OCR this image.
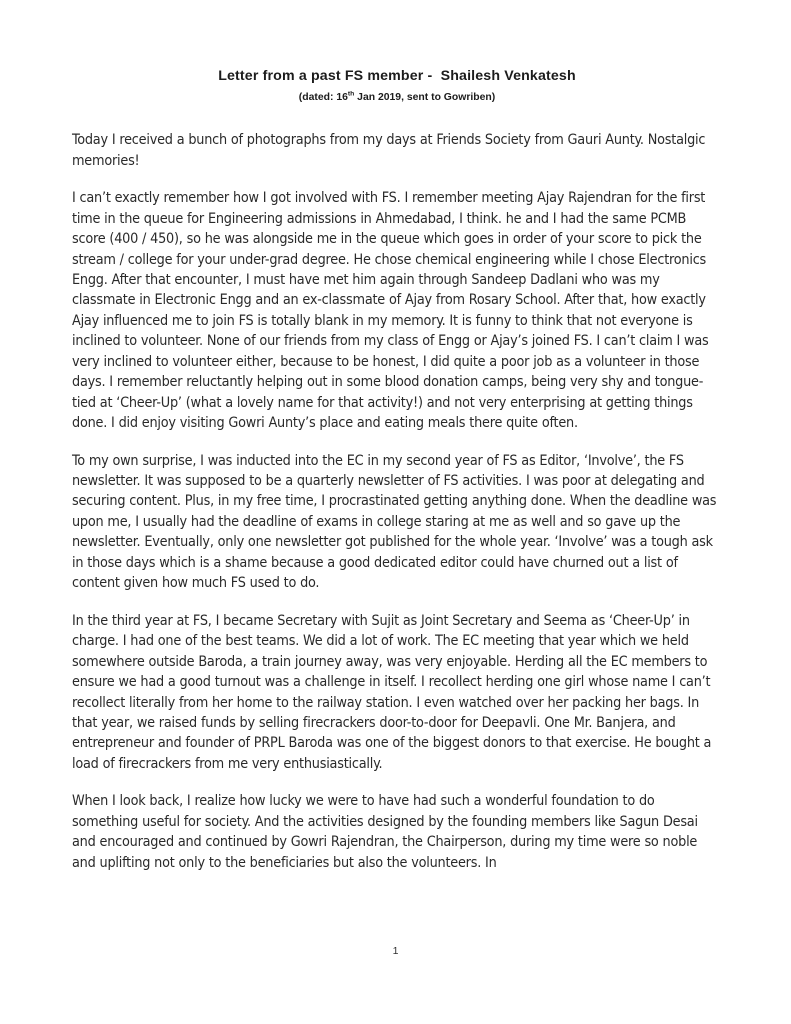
Letter from a past FS member -  Shailesh Venkatesh
(dated: 16th Jan 2019, sent to Gowriben)

Today I received a bunch of photographs from my days at Friends Society from Gauri Aunty. Nostalgic memories!

I can’t exactly remember how I got involved with FS. I remember meeting Ajay Rajendran for the first time in the queue for Engineering admissions in Ahmedabad, I think. he and I had the same PCMB score (400 / 450), so he was alongside me in the queue which goes in order of your score to pick the stream / college for your under-grad degree. He chose chemical engineering while I chose Electronics Engg. After that encounter, I must have met him again through Sandeep Dadlani who was my classmate in Electronic Engg and an ex-classmate of Ajay from Rosary School. After that, how exactly Ajay influenced me to join FS is totally blank in my memory. It is funny to think that not everyone is inclined to volunteer. None of our friends from my class of Engg or Ajay’s joined FS. I can’t claim I was very inclined to volunteer either, because to be honest, I did quite a poor job as a volunteer in those days. I remember reluctantly helping out in some blood donation camps, being very shy and tongue-tied at ‘Cheer-Up’ (what a lovely name for that activity!) and not very enterprising at getting things done. I did enjoy visiting Gowri Aunty’s place and eating meals there quite often.

To my own surprise, I was inducted into the EC in my second year of FS as Editor, ‘Involve’, the FS newsletter. It was supposed to be a quarterly newsletter of FS activities. I was poor at delegating and securing content. Plus, in my free time, I procrastinated getting anything done. When the deadline was upon me, I usually had the deadline of exams in college staring at me as well and so gave up the newsletter. Eventually, only one newsletter got published for the whole year. ‘Involve’ was a tough ask in those days which is a shame because a good dedicated editor could have churned out a list of content given how much FS used to do.

In the third year at FS, I became Secretary with Sujit as Joint Secretary and Seema as ‘Cheer-Up’ in charge. I had one of the best teams. We did a lot of work. The EC meeting that year which we held somewhere outside Baroda, a train journey away, was very enjoyable. Herding all the EC members to ensure we had a good turnout was a challenge in itself. I recollect herding one girl whose name I can’t recollect literally from her home to the railway station. I even watched over her packing her bags. In that year, we raised funds by selling firecrackers door-to-door for Deepavli. One Mr. Banjera, and entrepreneur and founder of PRPL Baroda was one of the biggest donors to that exercise. He bought a load of firecrackers from me very enthusiastically.

When I look back, I realize how lucky we were to have had such a wonderful foundation to do something useful for society. And the activities designed by the founding members like Sagun Desai and encouraged and continued by Gowri Rajendran, the Chairperson, during my time were so noble and uplifting not only to the beneficiaries but also the volunteers. In

1
